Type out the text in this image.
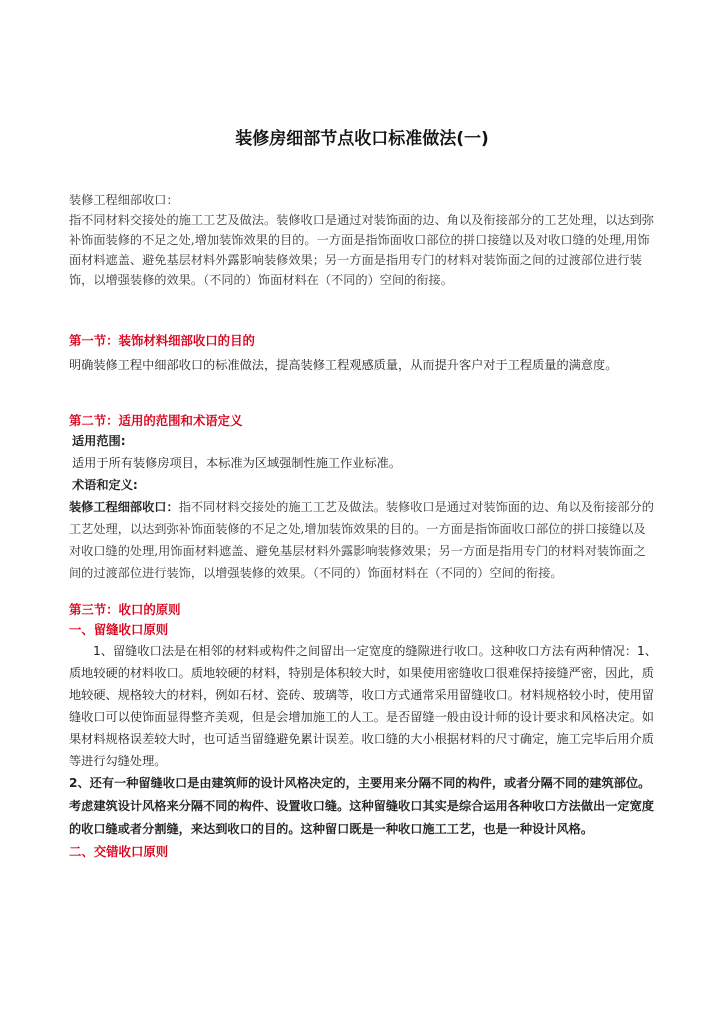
装修房细部节点收口标准做法(一)

装修工程细部收口：

指不同材料交接处的施工工艺及做法。装修收口是通过对装饰面的边、角以及衔接部分的工艺处理，以达到弥补饰面装修的不足之处,增加装饰效果的目的。一方面是指饰面收口部位的拼口接缝以及对收口缝的处理,用饰面材料遮盖、避免基层材料外露影响装修效果；另一方面是指用专门的材料对装饰面之间的过渡部位进行装饰，以增强装修的效果。（不同的）饰面材料在（不同的）空间的衔接。

第一节：装饰材料细部收口的目的

明确装修工程中细部收口的标准做法，提高装修工程观感质量，从而提升客户对于工程质量的满意度。

第二节：适用的范围和术语定义

适用范围:

适用于所有装修房项目，本标准为区域强制性施工作业标准。

术语和定义:

装修工程细部收口：指不同材料交接处的施工工艺及做法。装修收口是通过对装饰面的边、角以及衔接部分的工艺处理，以达到弥补饰面装修的不足之处,增加装饰效果的目的。一方面是指饰面收口部位的拼口接缝以及对收口缝的处理,用饰面材料遮盖、避免基层材料外露影响装修效果；另一方面是指用专门的材料对装饰面之间的过渡部位进行装饰，以增强装修的效果。（不同的）饰面材料在（不同的）空间的衔接。

第三节：收口的原则

一、留缝收口原则

1、留缝收口法是在相邻的材料或构件之间留出一定宽度的缝隙进行收口。这种收口方法有两种情况：1、质地较硬的材料收口。质地较硬的材料，特别是体积较大时，如果使用密缝收口很难保持接缝严密，因此，质地较硬、规格较大的材料，例如石材、瓷砖、玻璃等，收口方式通常采用留缝收口。材料规格较小时，使用留缝收口可以使饰面显得整齐美观，但是会增加施工的人工。是否留缝一般由设计师的设计要求和风格决定。如果材料规格误差较大时，也可适当留缝避免累计误差。收口缝的大小根据材料的尺寸确定，施工完毕后用介质等进行勾缝处理。

2、还有一种留缝收口是由建筑师的设计风格决定的，主要用来分隔不同的构件，或者分隔不同的建筑部位。考虑建筑设计风格来分隔不同的构件、设置收口缝。这种留缝收口其实是综合运用各种收口方法做出一定宽度的收口缝或者分割缝，来达到收口的目的。这种留口既是一种收口施工工艺，也是一种设计风格。

二、交错收口原则
